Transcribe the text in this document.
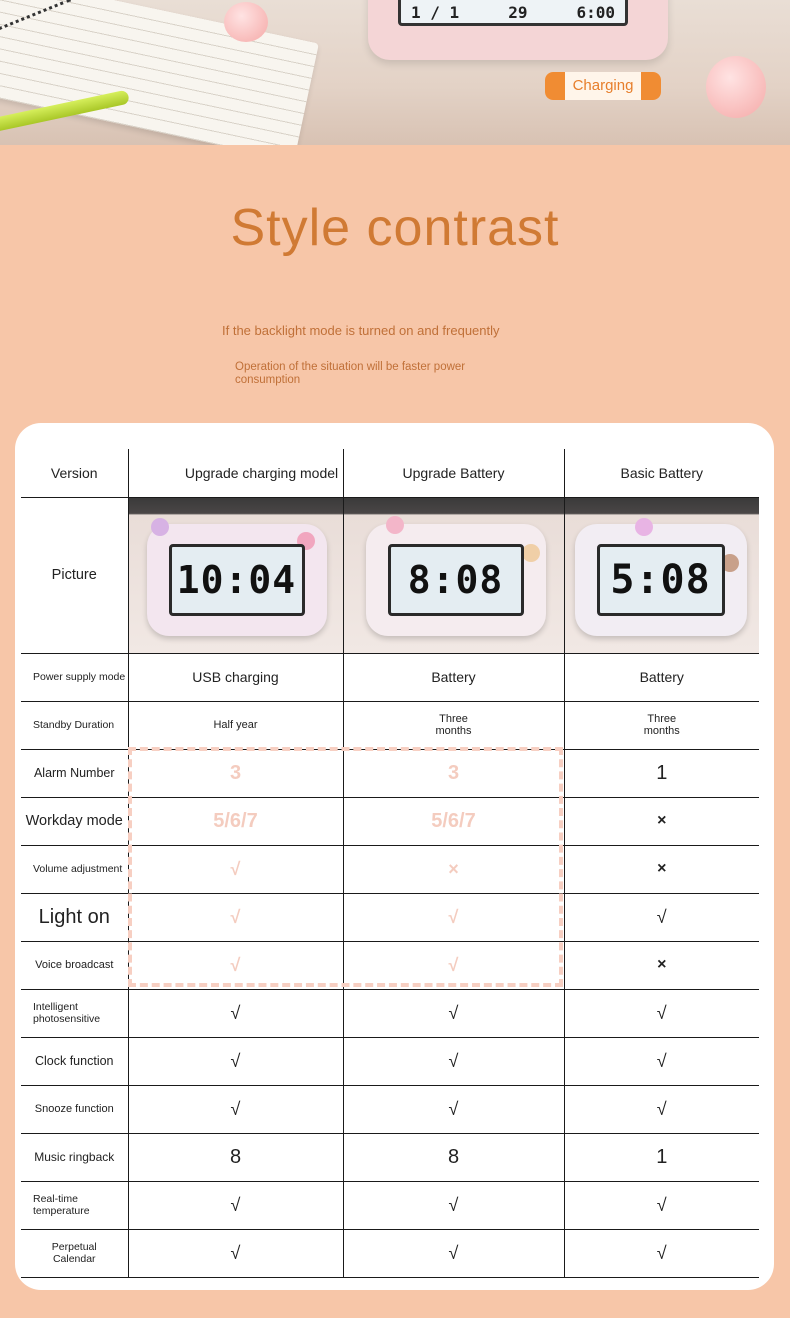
1 / 1	29	6:00
Charging
Style contrast
If the backlight mode is turned on and frequently
Operation of the situation will be faster power consumption
Version	Upgrade charging model	Upgrade Battery	Basic Battery
Picture	10:04	8:08	5:08

Power supply mode	USB charging	Battery	Battery
Standby Duration	Half year	Three months	Three months
Alarm Number	3	3	1
Workday mode	5/6/7	5/6/7	×
Volume adjustment	√	×	×
Light on	√	√	√
Voice broadcast	√	√	×
Intelligent photosensitive	√	√	√
Clock function	√	√	√
Snooze function	√	√	√
Music ringback	8	8	1
Real-time temperature	√	√	√
Perpetual Calendar	√	√	√
